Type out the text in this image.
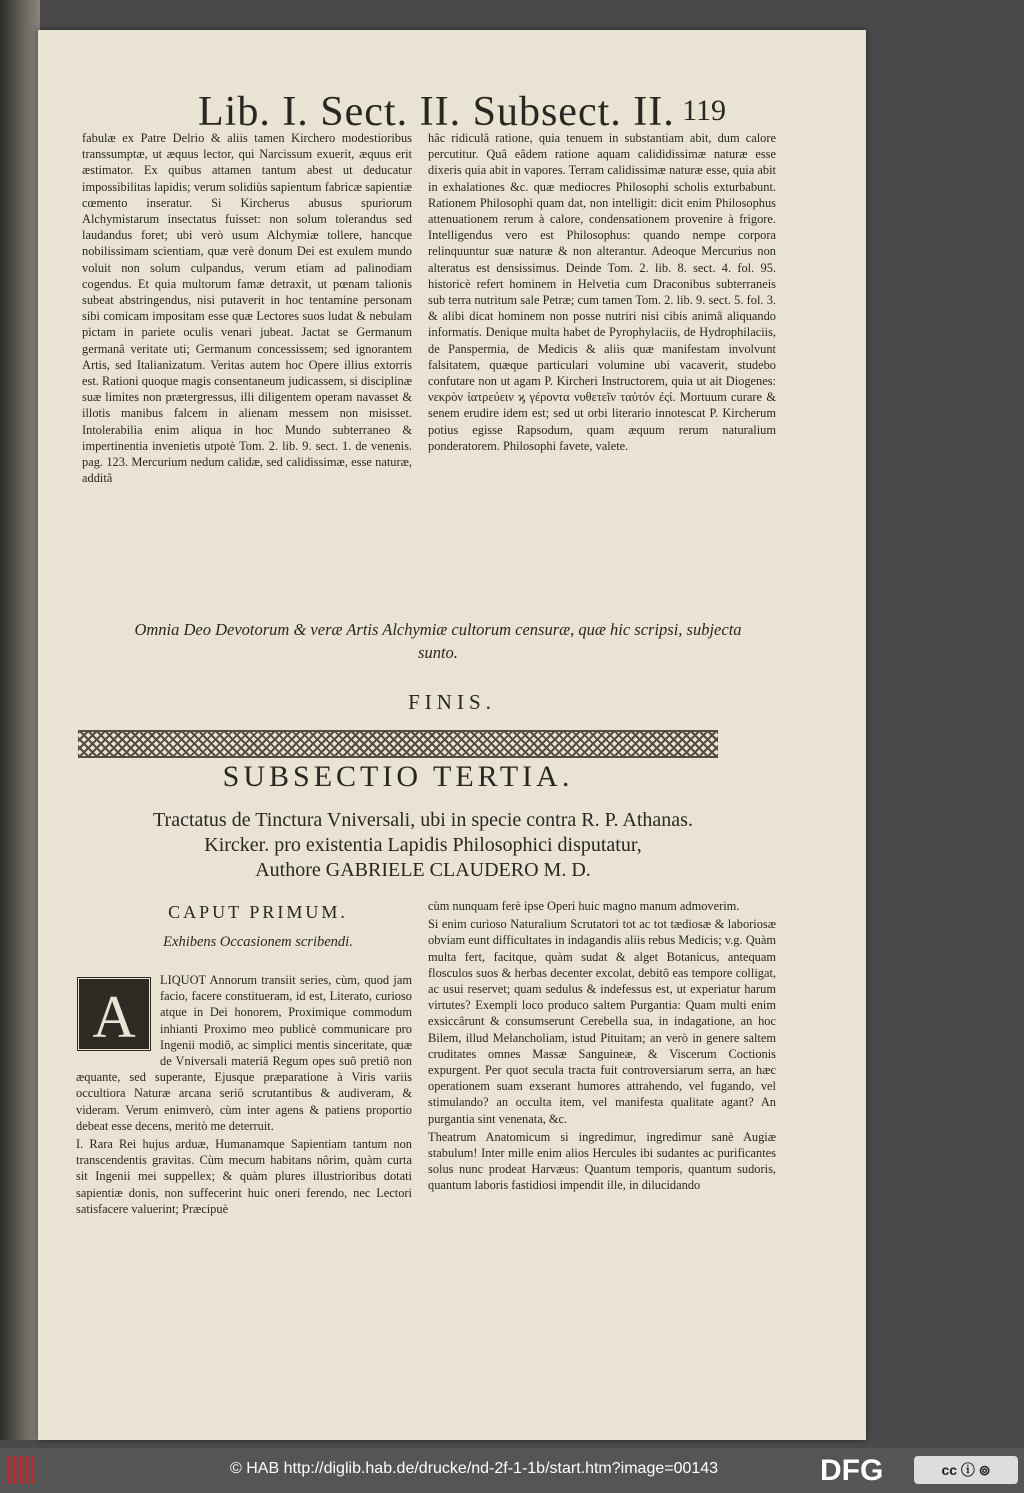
Lib. I. Sect. II. Subsect. II. 119

fabulæ ex Patre Delrio & aliis tamen Kirchero modestioribus transsumptæ, ut æquus lector, qui Narcissum exuerit, æquus erit æstimator. Ex quibus attamen tantum abest ut deducatur impossibilitas lapidis; verum solidiùs sapientum fabricæ sapientiæ cœmento inseratur. Si Kircherus abusus spuriorum Alchymistarum insectatus fuisset: non solum tolerandus sed laudandus foret; ubi verò usum Alchymiæ tollere, hancque nobilissimam scientiam, quæ verè donum Dei est exulem mundo voluit non solum culpandus, verum etiam ad palinodiam cogendus. Et quia multorum famæ detraxit, ut pœnam talionis subeat abstringendus, nisi putaverit in hoc tentamine personam sibi comicam impositam esse quæ Lectores suos ludat & nebulam pictam in pariete oculis venari jubeat. Jactat se Germanum germanâ veritate uti; Germanum concessissem; sed ignorantem Artis, sed Italianizatum. Veritas autem hoc Opere illius extorris est. Rationi quoque magis consentaneum judicassem, si disciplinæ suæ limites non prætergressus, illi diligentem operam navasset & illotis manibus falcem in alienam messem non misisset. Intolerabilia enim aliqua in hoc Mundo subterraneo & impertinentia invenietis utpotè Tom. 2. lib. 9. sect. 1. de venenis. pag. 123. Mercurium nedum calidæ, sed calidissimæ, esse naturæ, additâ

hâc ridiculâ ratione, quia tenuem in substantiam abit, dum calore percutitur. Quâ eâdem ratione aquam calididissimæ naturæ esse dixeris quia abit in vapores. Terram calidissimæ naturæ esse, quia abit in exhalationes &c. quæ mediocres Philosophi scholis exturbabunt. Rationem Philosophi quam dat, non intelligit: dicit enim Philosophus attenuationem rerum à calore, condensationem provenire à frigore. Intelligendus vero est Philosophus: quando nempe corpora relinquuntur suæ naturæ & non alterantur. Adeoque Mercurius non alteratus est densissimus. Deinde Tom. 2. lib. 8. sect. 4. fol. 95. historicè refert hominem in Helvetia cum Draconibus subterraneis sub terra nutritum sale Petræ; cum tamen Tom. 2. lib. 9. sect. 5. fol. 3. & alibi dicat hominem non posse nutriri nisi cibis animâ aliquando informatis. Denique multa habet de Pyrophylaciis, de Hydrophilaciis, de Panspermia, de Medicis & aliis quæ manifestam involvunt falsitatem, quæque particulari volumine ubi vacaverit, studebo confutare non ut agam P. Kircheri Instructorem, quia ut ait Diogenes: νεκρὸν ἰατρεύειν ϗ γέροντα νυθετεῖν ταὐτόν ἐςί. Mortuum curare & senem erudire idem est; sed ut orbi literario innotescat P. Kircherum potius egisse Rapsodum, quam æquum rerum naturalium ponderatorem. Philosophi favete, valete.

Omnia Deo Devotorum & veræ Artis Alchymiæ cultorum censuræ, quæ hic scripsi, subjecta sunto.
FINIS.
SUBSECTIO TERTIA.
Tractatus de Tinctura Vniversali, ubi in specie contra R. P. Athanas.
Kircker. pro existentia Lapidis Philosophici disputatur,
Authore GABRIELE CLAUDERO M. D.
CAPUT PRIMUM.
Exhibens Occasionem scribendi.
A

LIQUOT Annorum transiit series, cùm, quod jam facio, facere constitueram, id est, Literato, curioso atque in Dei honorem, Proximique commodum inhianti Proximo meo publicè communicare pro Ingenii modiô, ac simplici mentis sinceritate, quæ de Vniversali materiâ Regum opes suô pretiô non æquante, sed superante, Ejusque præparatione à Viris variis occultiora Naturæ arcana seriô scrutantibus & audiveram, & videram. Verum enimverò, cùm inter agens & patiens proportio debeat esse decens, meritò me deterruit.

I. Rara Rei hujus arduæ, Humanamque Sapientiam tantum non transcendentis gravitas. Cùm mecum habitans nôrim, quàm curta sit Ingenii mei suppellex; & quàm plures illustrioribus dotati sapientiæ donis, non suffecerint huic oneri ferendo, nec Lectori satisfacere valuerint; Præcipuè

cùm nunquam ferè ipse Operi huic magno manum admoverim.

Si enim curioso Naturalium Scrutatori tot ac tot tædiosæ & laboriosæ obviam eunt difficultates in indagandis aliis rebus Medicis; v.g. Quàm multa fert, facitque, quàm sudat & alget Botanicus, antequam flosculos suos & herbas decenter excolat, debitô eas tempore colligat, ac usui reservet; quam sedulus & indefessus est, ut experiatur harum virtutes? Exempli loco produco saltem Purgantia: Quam multi enim exsiccârunt & consumserunt Cerebella sua, in indagatione, an hoc Bilem, illud Melancholiam, istud Pituitam; an verò in genere saltem cruditates omnes Massæ Sanguineæ, & Viscerum Coctionis expurgent. Per quot secula tracta fuit controversiarum serra, an hæc operationem suam exserant humores attrahendo, vel fugando, vel stimulando? an occulta item, vel manifesta qualitate agant? An purgantia sint venenata, &c.

Theatrum Anatomicum si ingredimur, ingredimur sanè Augiæ stabulum! Inter mille enim alios Hercules ibi sudantes ac purificantes solus nunc prodeat Harvæus: Quantum temporis, quantum sudoris, quantum laboris fastidiosi impendit ille, in dilucidando

© HAB http://diglib.hab.de/drucke/nd-2f-1-1b/start.htm?image=00143	DFG	cc ⓘ ⊚
